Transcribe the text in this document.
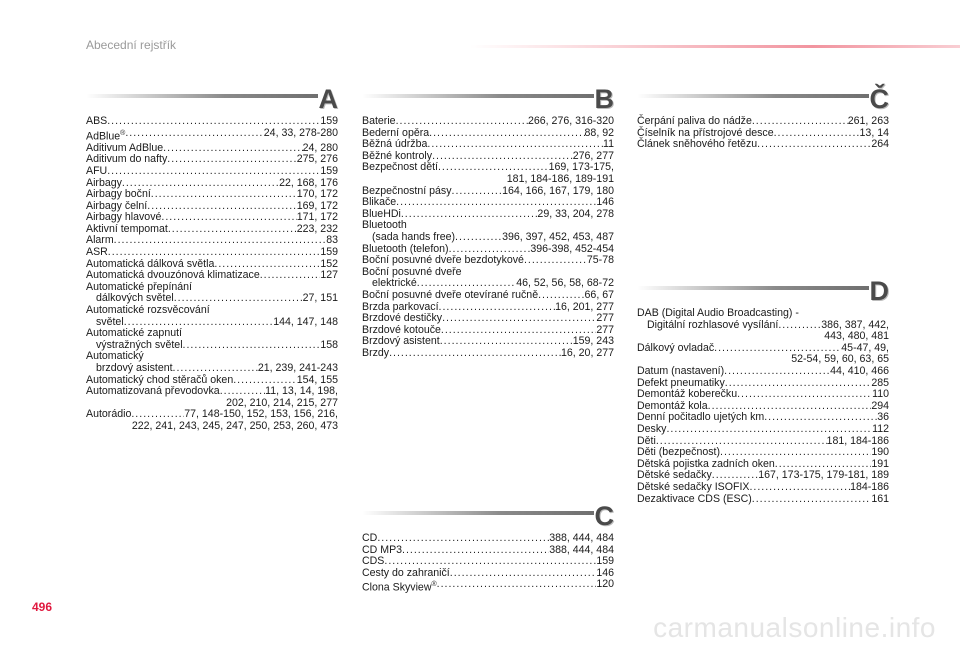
Abecední rejstřík
A
ABS .....	159
AdBlue® .....	24, 33, 278-280
Aditivum AdBlue .....	24, 280
Aditivum do nafty .....	275, 276
AFU .....	159
Airbagy .....	22, 168, 176
Airbagy boční .....	170, 172
Airbagy čelní .....	169, 172
Airbagy hlavové .....	171, 172
Aktivní tempomat .....	223, 232
Alarm .....	83
ASR .....	159
Automatická dálková světla .....	152
Automatická dvouzónová klimatizace .....	127
Automatické přepínání
dálkových světel .....	27, 151
Automatické rozsvěcování
světel .....	144, 147, 148
Automatické zapnutí
výstražných světel .....	158
Automatický
brzdový asistent .....	21, 239, 241-243
Automatický chod stěračů oken .....	154, 155
Automatizovaná převodovka .....	11, 13, 14, 198,
202, 210, 214, 215, 277
Autorádio .....	77, 148-150, 152, 153, 156, 216,
222, 241, 243, 245, 247, 250, 253, 260, 473
B
Baterie .....	266, 276, 316-320
Bederní opěra .....	88, 92
Běžná údržba .....	11
Běžné kontroly .....	276, 277
Bezpečnost dětí .....	169, 173-175,
181, 184-186, 189-191
Bezpečnostní pásy .....	164, 166, 167, 179, 180
Blikače .....	146
BlueHDi .....	29, 33, 204, 278
Bluetooth
(sada hands free) .....	396, 397, 452, 453, 487
Bluetooth (telefon) .....	396-398, 452-454
Boční posuvné dveře bezdotykové .....	75-78
Boční posuvné dveře
elektrické .....	46, 52, 56, 58, 68-72
Boční posuvné dveře otevírané ručně .....	66, 67
Brzda parkovací .....	16, 201, 277
Brzdové destičky .....	277
Brzdové kotouče .....	277
Brzdový asistent .....	159, 243
Brzdy .....	16, 20, 277
C
CD .....	388, 444, 484
CD MP3 .....	388, 444, 484
CDS .....	159
Cesty do zahraničí .....	146
Clona Skyview® .....	120
Č
Čerpání paliva do nádže .....	261, 263
Číselník na přístrojové desce .....	13, 14
Článek sněhového řetězu .....	264
D
DAB (Digital Audio Broadcasting) -
Digitální rozhlasové vysílání .....	386, 387, 442,
443, 480, 481
Dálkový ovladač .....	45-47, 49,
52-54, 59, 60, 63, 65
Datum (nastavení) .....	44, 410, 466
Defekt pneumatiky .....	285
Demontáž koberečku .....	110
Demontáž kola .....	294
Denní počitadlo ujetých km .....	36
Desky .....	112
Děti .....	181, 184-186
Děti (bezpečnost) .....	190
Dětská pojistka zadních oken .....	191
Dětské sedačky .....	167, 173-175, 179-181, 189
Dětské sedačky ISOFIX .....	184-186
Dezaktivace CDS (ESC) .....	161
496
carmanualsonline.info
